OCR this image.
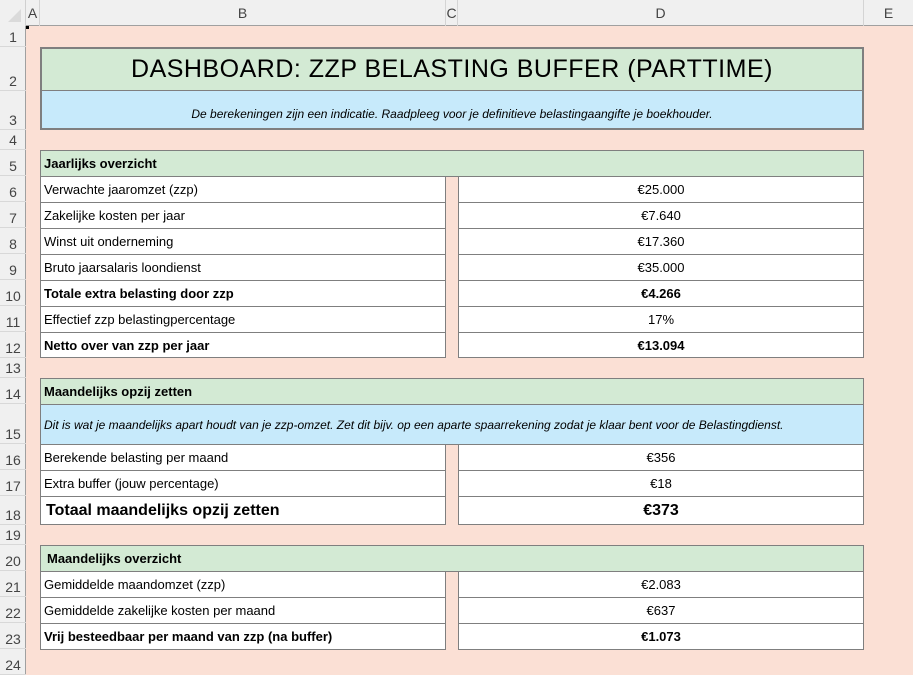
A	B	C	D	E
1
2
3
4
5
6
7
8
9
10
11
12
13
14
15
16
17
18
19
20
21
22
23
24
DASHBOARD: ZZP BELASTING BUFFER (PARTTIME)
De berekeningen zijn een indicatie. Raadpleeg voor je definitieve belastingaangifte je boekhouder.
Jaarlijks overzicht
Verwachte jaaromzet (zzp)	€25.000
Zakelijke kosten per jaar	€7.640
Winst uit onderneming	€17.360
Bruto jaarsalaris loondienst	€35.000
Totale extra belasting door zzp	€4.266
Effectief zzp belastingpercentage	17%
Netto over van zzp per jaar	€13.094
Maandelijks opzij zetten
Dit is wat je maandelijks apart houdt van je zzp-omzet. Zet dit bijv. op een aparte spaarrekening zodat je klaar bent voor de Belastingdienst.
Berekende belasting per maand	€356
Extra buffer (jouw percentage)	€18
Totaal maandelijks opzij zetten	€373
Maandelijks overzicht
Gemiddelde maandomzet (zzp)	€2.083
Gemiddelde zakelijke kosten per maand	€637
Vrij besteedbaar per maand van zzp (na buffer)	€1.073
